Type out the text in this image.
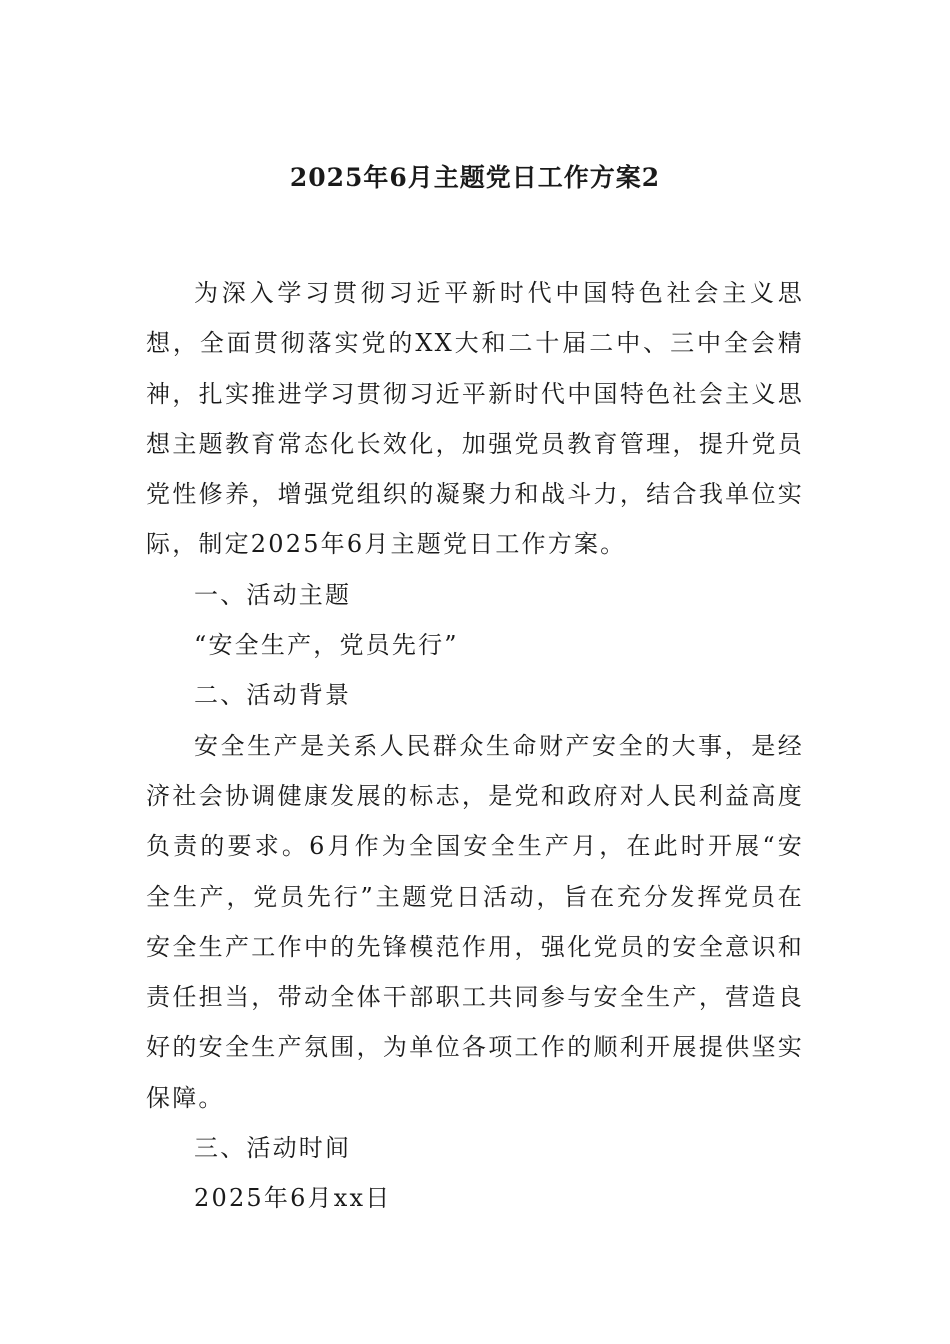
2025年6月主题党日工作方案2

为深入学习贯彻习近平新时代中国特色社会主义思想，全面贯彻落实党的XX大和二十届二中、三中全会精神，扎实推进学习贯彻习近平新时代中国特色社会主义思想主题教育常态化长效化，加强党员教育管理，提升党员党性修养，增强党组织的凝聚力和战斗力，结合我单位实际，制定2025年6月主题党日工作方案。

一、活动主题

“安全生产，党员先行”

二、活动背景

安全生产是关系人民群众生命财产安全的大事，是经济社会协调健康发展的标志，是党和政府对人民利益高度负责的要求。6月作为全国安全生产月，在此时开展“安全生产，党员先行”主题党日活动，旨在充分发挥党员在安全生产工作中的先锋模范作用，强化党员的安全意识和责任担当，带动全体干部职工共同参与安全生产，营造良好的安全生产氛围，为单位各项工作的顺利开展提供坚实保障。

三、活动时间

2025年6月xx日
